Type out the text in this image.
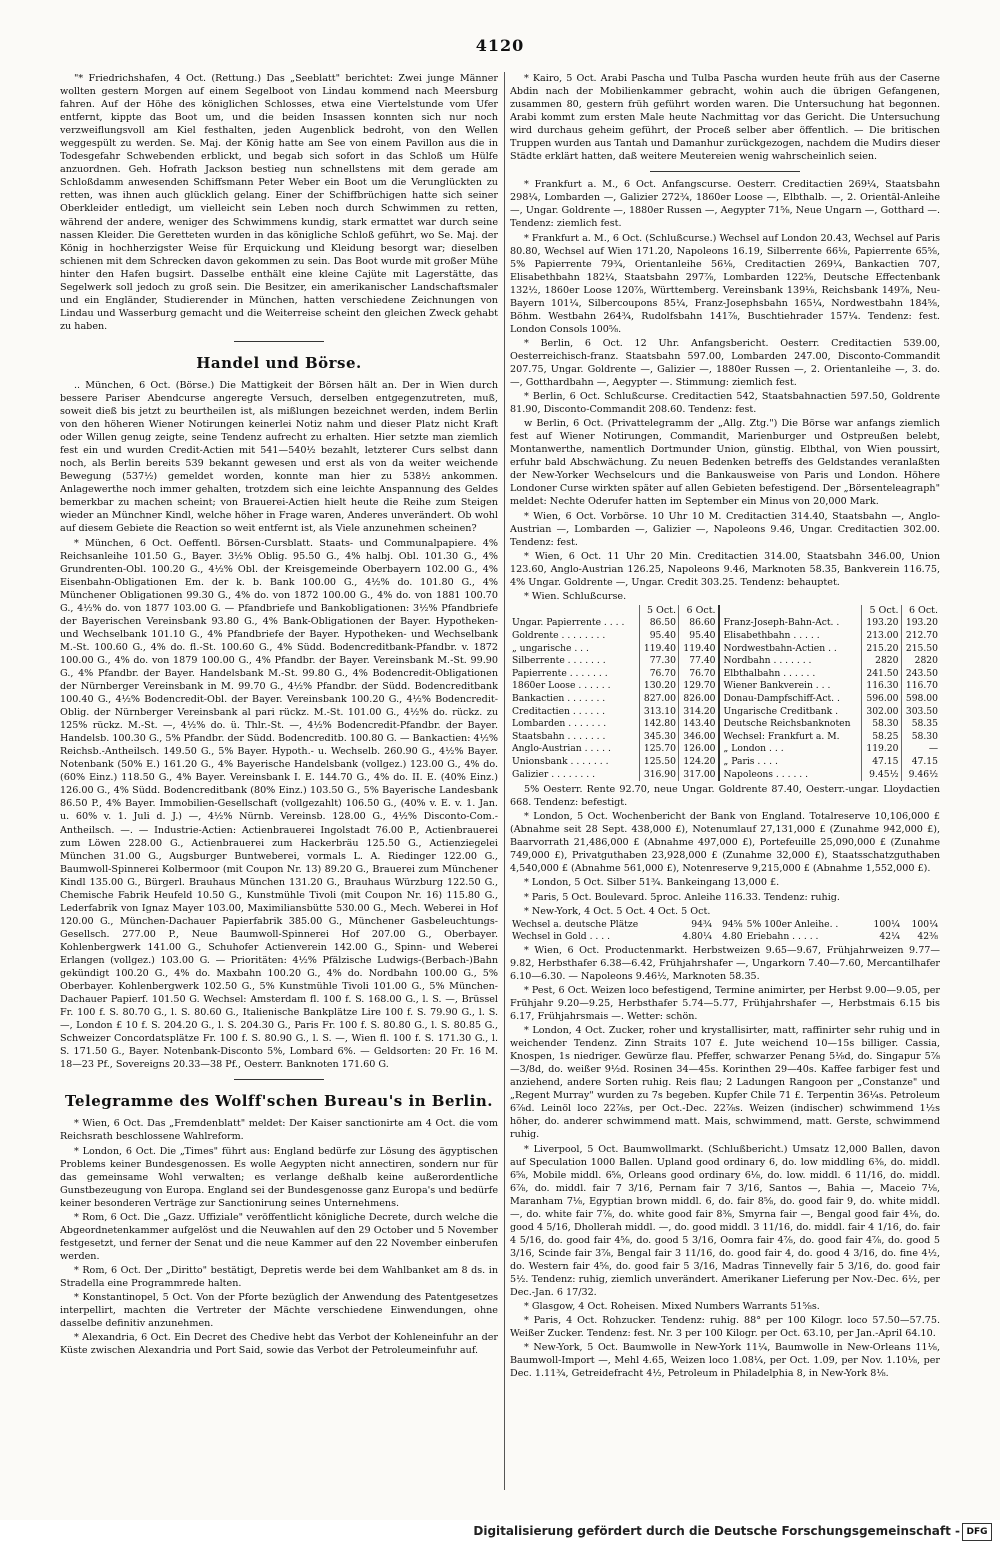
4120

"* Friedrichshafen, 4 Oct. (Rettung.) Das „Seeblatt" berichtet: Zwei junge Männer wollten gestern Morgen auf einem Segelboot von Lindau kommend nach Meersburg fahren. Auf der Höhe des königlichen Schlosses, etwa eine Viertelstunde vom Ufer entfernt, kippte das Boot um, und die beiden Insassen konnten sich nur noch verzweiflungsvoll am Kiel festhalten, jeden Augenblick bedroht, von den Wellen weggespült zu werden. Se. Maj. der König hatte am See von einem Pavillon aus die in Todesgefahr Schwebenden erblickt, und begab sich sofort in das Schloß um Hülfe anzuordnen. Geh. Hofrath Jackson bestieg nun schnellstens mit dem gerade am Schloßdamm anwesenden Schiffsmann Peter Weber ein Boot um die Verunglückten zu retten, was ihnen auch glücklich gelang. Einer der Schiffbrüchigen hatte sich seiner Oberkleider entledigt, um vielleicht sein Leben noch durch Schwimmen zu retten, während der andere, weniger des Schwimmens kundig, stark ermattet war durch seine nassen Kleider. Die Geretteten wurden in das königliche Schloß geführt, wo Se. Maj. der König in hochherzigster Weise für Erquickung und Kleidung besorgt war; dieselben schienen mit dem Schrecken davon gekommen zu sein. Das Boot wurde mit großer Mühe hinter den Hafen bugsirt. Dasselbe enthält eine kleine Cajüte mit Lagerstätte, das Segelwerk soll jedoch zu groß sein. Die Besitzer, ein amerikanischer Landschaftsmaler und ein Engländer, Studierender in München, hatten verschiedene Zeichnungen von Lindau und Wasserburg gemacht und die Weiterreise scheint den gleichen Zweck gehabt zu haben.

Handel und Börse.

.. München, 6 Oct. (Börse.) Die Mattigkeit der Börsen hält an. Der in Wien durch bessere Pariser Abendcurse angeregte Versuch, derselben entgegenzutreten, muß, soweit dieß bis jetzt zu beurtheilen ist, als mißlungen bezeichnet werden, indem Berlin von den höheren Wiener Notirungen keinerlei Notiz nahm und dieser Platz nicht Kraft oder Willen genug zeigte, seine Tendenz aufrecht zu erhalten. Hier setzte man ziemlich fest ein und wurden Credit-Actien mit 541—540½ bezahlt, letzterer Curs selbst dann noch, als Berlin bereits 539 bekannt gewesen und erst als von da weiter weichende Bewegung (537½) gemeldet worden, konnte man hier zu 538½ ankommen. Anlagewerthe noch immer gehalten, trotzdem sich eine leichte Anspannung des Geldes bemerkbar zu machen scheint; von Brauerei-Actien hielt heute die Reihe zum Steigen wieder an Münchner Kindl, welche höher in Frage waren, Anderes unverändert. Ob wohl auf diesem Gebiete die Reaction so weit entfernt ist, als Viele anzunehmen scheinen?

* München, 6 Oct. Oeffentl. Börsen-Cursblatt. Staats- und Communalpapiere. 4% Reichsanleihe 101.50 G., Bayer. 3½% Oblig. 95.50 G., 4% halbj. Obl. 101.30 G., 4% Grundrenten-Obl. 100.20 G., 4½% Obl. der Kreisgemeinde Oberbayern 102.00 G., 4% Eisenbahn-Obligationen Em. der k. b. Bank 100.00 G., 4½% do. 101.80 G., 4% Münchener Obligationen 99.30 G., 4% do. von 1872 100.00 G., 4% do. von 1881 100.70 G., 4½% do. von 1877 103.00 G. — Pfandbriefe und Bankobligationen: 3½% Pfandbriefe der Bayerischen Vereinsbank 93.80 G., 4% Bank-Obligationen der Bayer. Hypotheken- und Wechselbank 101.10 G., 4% Pfandbriefe der Bayer. Hypotheken- und Wechselbank M.-St. 100.60 G., 4% do. fl.-St. 100.60 G., 4% Südd. Bodencreditbank-Pfandbr. v. 1872 100.00 G., 4% do. von 1879 100.00 G., 4% Pfandbr. der Bayer. Vereinsbank M.-St. 99.90 G., 4% Pfandbr. der Bayer. Handelsbank M.-St. 99.80 G., 4% Bodencredit-Obligationen der Nürnberger Vereinsbank in M. 99.70 G., 4½% Pfandbr. der Südd. Bodencreditbank 100.40 G., 4½% Bodencredit-Obl. der Bayer. Vereinsbank 100.20 G., 4½% Bodencredit-Oblig. der Nürnberger Vereinsbank al pari rückz. M.-St. 101.00 G., 4½% do. rückz. zu 125% rückz. M.-St. —, 4½% do. ü. Thlr.-St. —, 4½% Bodencredit-Pfandbr. der Bayer. Handelsb. 100.30 G., 5% Pfandbr. der Südd. Bodencreditb. 100.80 G. — Bankactien: 4½% Reichsb.-Antheilsch. 149.50 G., 5% Bayer. Hypoth.- u. Wechselb. 260.90 G., 4½% Bayer. Notenbank (50% E.) 161.20 G., 4% Bayerische Handelsbank (vollgez.) 123.00 G., 4% do. (60% Einz.) 118.50 G., 4% Bayer. Vereinsbank I. E. 144.70 G., 4% do. II. E. (40% Einz.) 126.00 G., 4% Südd. Bodencreditbank (80% Einz.) 103.50 G., 5% Bayerische Landesbank 86.50 P., 4% Bayer. Immobilien-Gesellschaft (vollgezahlt) 106.50 G., (40% v. E. v. 1. Jan. u. 60% v. 1. Juli d. J.) —, 4½% Nürnb. Vereinsb. 128.00 G., 4½% Disconto-Com.-Antheilsch. —. — Industrie-Actien: Actienbrauerei Ingolstadt 76.00 P., Actienbrauerei zum Löwen 228.00 G., Actienbrauerei zum Hackerbräu 125.50 G., Actienziegelei München 31.00 G., Augsburger Buntweberei, vormals L. A. Riedinger 122.00 G., Baumwoll-Spinnerei Kolbermoor (mit Coupon Nr. 13) 89.20 G., Brauerei zum Münchener Kindl 135.00 G., Bürgerl. Brauhaus München 131.20 G., Brauhaus Würzburg 122.50 G., Chemische Fabrik Heufeld 10.50 G., Kunstmühle Tivoli (mit Coupon Nr. 16) 115.80 G., Lederfabrik von Ignaz Mayer 103.00, Maximiliansbütte 530.00 G., Mech. Weberei in Hof 120.00 G., München-Dachauer Papierfabrik 385.00 G., Münchener Gasbeleuchtungs-Gesellsch. 277.00 P., Neue Baumwoll-Spinnerei Hof 207.00 G., Oberbayer. Kohlenbergwerk 141.00 G., Schuhofer Actienverein 142.00 G., Spinn- und Weberei Erlangen (vollgez.) 103.00 G. — Prioritäten: 4½% Pfälzische Ludwigs-(Berbach-)Bahn gekündigt 100.20 G., 4% do. Maxbahn 100.20 G., 4% do. Nordbahn 100.00 G., 5% Oberbayer. Kohlenbergwerk 102.50 G., 5% Kunstmühle Tivoli 101.00 G., 5% München-Dachauer Papierf. 101.50 G. Wechsel: Amsterdam fl. 100 f. S. 168.00 G., l. S. —, Brüssel Fr. 100 f. S. 80.70 G., l. S. 80.60 G., Italienische Bankplätze Lire 100 f. S. 79.90 G., l. S. —, London £ 10 f. S. 204.20 G., l. S. 204.30 G., Paris Fr. 100 f. S. 80.80 G., l. S. 80.85 G., Schweizer Concordatsplätze Fr. 100 f. S. 80.90 G., l. S. —, Wien fl. 100 f. S. 171.30 G., l. S. 171.50 G., Bayer. Notenbank-Disconto 5%, Lombard 6%. — Geldsorten: 20 Fr. 16 M. 18—23 Pf., Sovereigns 20.33—38 Pf., Oesterr. Banknoten 171.60 G.

Telegramme des Wolff'schen Bureau's in Berlin.

* Wien, 6 Oct. Das „Fremdenblatt" meldet: Der Kaiser sanctionirte am 4 Oct. die vom Reichsrath beschlossene Wahlreform.

* London, 6 Oct. Die „Times" führt aus: England bedürfe zur Lösung des ägyptischen Problems keiner Bundesgenossen. Es wolle Aegypten nicht annectiren, sondern nur für das gemeinsame Wohl verwalten; es verlange deßhalb keine außerordentliche Gunstbezeugung von Europa. England sei der Bundesgenosse ganz Europa's und bedürfe keiner besonderen Verträge zur Sanctionirung seines Unternehmens.

* Rom, 6 Oct. Die „Gazz. Uffiziale" veröffentlicht königliche Decrete, durch welche die Abgeordnetenkammer aufgelöst und die Neuwahlen auf den 29 October und 5 November festgesetzt, und ferner der Senat und die neue Kammer auf den 22 November einberufen werden.

* Rom, 6 Oct. Der „Diritto" bestätigt, Depretis werde bei dem Wahlbanket am 8 ds. in Stradella eine Programmrede halten.

* Konstantinopel, 5 Oct. Von der Pforte bezüglich der Anwendung des Patentgesetzes interpellirt, machten die Vertreter der Mächte verschiedene Einwendungen, ohne dasselbe definitiv anzunehmen.

* Alexandria, 6 Oct. Ein Decret des Chedive hebt das Verbot der Kohleneinfuhr an der Küste zwischen Alexandria und Port Said, sowie das Verbot der Petroleumeinfuhr auf.

* Kairo, 5 Oct. Arabi Pascha und Tulba Pascha wurden heute früh aus der Caserne Abdin nach der Mobilienkammer gebracht, wohin auch die übrigen Gefangenen, zusammen 80, gestern früh geführt worden waren. Die Untersuchung hat begonnen. Arabi kommt zum ersten Male heute Nachmittag vor das Gericht. Die Untersuchung wird durchaus geheim geführt, der Proceß selber aber öffentlich. — Die britischen Truppen wurden aus Tantah und Damanhur zurückgezogen, nachdem die Mudirs dieser Städte erklärt hatten, daß weitere Meutereien wenig wahrscheinlich seien.

* Frankfurt a. M., 6 Oct. Anfangscurse. Oesterr. Creditactien 269¼, Staatsbahn 298¼, Lombarden —, Galizier 272¾, 1860er Loose —, Elbthalb. —, 2. Orientāl-Anleihe —, Ungar. Goldrente —, 1880er Russen —, Aegypter 71⅝, Neue Ungarn —, Gotthard —. Tendenz: ziemlich fest.

* Frankfurt a. M., 6 Oct. (Schlußcurse.) Wechsel auf London 20.43, Wechsel auf Paris 80.80, Wechsel auf Wien 171.20, Napoleons 16.19, Silberrente 66⅛, Papierrente 65⅝, 5% Papierrente 79¾, Orientanleihe 56⅛, Creditactien 269¼, Bankactien 707, Elisabethbahn 182¼, Staatsbahn 297⅞, Lombarden 122⅝, Deutsche Effectenbank 132½, 1860er Loose 120⅞, Württemberg. Vereinsbank 139⅛, Reichsbank 149⅞, Neu-Bayern 101¼, Silbercoupons 85¼, Franz-Josephsbahn 165¼, Nordwestbahn 184⅝, Böhm. Westbahn 264¾, Rudolfsbahn 141⅞, Buschtiehrader 157¼. Tendenz: fest. London Consols 100⅝.

* Berlin, 6 Oct. 12 Uhr. Anfangsbericht. Oesterr. Creditactien 539.00, Oesterreichisch-franz. Staatsbahn 597.00, Lombarden 247.00, Disconto-Commandit 207.75, Ungar. Goldrente —, Galizier —, 1880er Russen —, 2. Orientanleihe —, 3. do. —, Gotthardbahn —, Aegypter —. Stimmung: ziemlich fest.

* Berlin, 6 Oct. Schlußcurse. Creditactien 542, Staatsbahnactien 597.50, Goldrente 81.90, Disconto-Commandit 208.60. Tendenz: fest.

w Berlin, 6 Oct. (Privattelegramm der „Allg. Ztg.") Die Börse war anfangs ziemlich fest auf Wiener Notirungen, Commandit, Marienburger und Ostpreußen belebt, Montanwerthe, namentlich Dortmunder Union, günstig. Elbthal, von Wien poussirt, erfuhr bald Abschwächung. Zu neuen Bedenken betreffs des Geldstandes veranlaßten der New-Yorker Wechselcurs und die Bankausweise von Paris und London. Höhere Londoner Curse wirkten später auf allen Gebieten befestigend. Der „Börsenteleagraph" meldet: Nechte Oderufer hatten im September ein Minus von 20,000 Mark.

* Wien, 6 Oct. Vorbörse. 10 Uhr 10 M. Creditactien 314.40, Staatsbahn —, Anglo-Austrian —, Lombarden —, Galizier —, Napoleons 9.46, Ungar. Creditactien 302.00. Tendenz: fest.

* Wien, 6 Oct. 11 Uhr 20 Min. Creditactien 314.00, Staatsbahn 346.00, Union 123.60, Anglo-Austrian 126.25, Napoleons 9.46, Marknoten 58.35, Bankverein 116.75, 4% Ungar. Goldrente —, Ungar. Credit 303.25. Tendenz: behauptet.

* Wien. Schlußcurse.

	5 Oct.	6 Oct.		5 Oct.	6 Oct.
Ungar. Papierrente . . . .	86.50	86.60	Franz-Joseph-Bahn-Act. .	193.20	193.20
Goldrente . . . . . . . .	95.40	95.40	Elisabethbahn . . . . .	213.00	212.70
„ ungarische . . .	119.40	119.40	Nordwestbahn-Actien . .	215.20	215.50
Silberrente . . . . . . .	77.30	77.40	Nordbahn . . . . . . .	2820	2820
Papierrente . . . . . . .	76.70	76.70	Elbthalbahn . . . . . .	241.50	243.50
1860er Loose . . . . . .	130.20	129.70	Wiener Bankverein . . .	116.30	116.70
Bankactien . . . . . . .	827.00	826.00	Donau-Dampfschiff-Act. .	596.00	598.00
Creditactien . . . . . .	313.10	314.20	Ungarische Creditbank .	302.00	303.50
Lombarden . . . . . . .	142.80	143.40	Deutsche Reichsbanknoten	58.30	58.35
Staatsbahn . . . . . . .	345.30	346.00	Wechsel: Frankfurt a. M.	58.25	58.30
Anglo-Austrian . . . . .	125.70	126.00	„ London . . .	119.20	—
Unionsbank . . . . . . .	125.50	124.20	„ Paris . . . .	47.15	47.15
Galizier . . . . . . . .	316.90	317.00	Napoleons . . . . . .	9.45½	9.46½

5% Oesterr. Rente 92.70, neue Ungar. Goldrente 87.40, Oesterr.-ungar. Lloydactien 668. Tendenz: befestigt.

* London, 5 Oct. Wochenbericht der Bank von England. Totalreserve 10,106,000 £ (Abnahme seit 28 Sept. 438,000 £), Notenumlauf 27,131,000 £ (Zunahme 942,000 £), Baarvorrath 21,486,000 £ (Abnahme 497,000 £), Portefeuille 25,090,000 £ (Zunahme 749,000 £), Privatguthaben 23,928,000 £ (Zunahme 32,000 £), Staatsschatzguthaben 4,540,000 £ (Abnahme 561,000 £), Notenreserve 9,215,000 £ (Abnahme 1,552,000 £).

* London, 5 Oct. Silber 51¾. Bankeingang 13,000 £.

* Paris, 5 Oct. Boulevard. 5proc. Anleihe 116.33. Tendenz: ruhig.

* New-York, 4 Oct. 5 Oct. 4 Oct. 5 Oct.

Wechsel a. deutsche Plätze	94¾	94⅝	5% 100er Anleihe. .	100¼	100¼
Wechsel in Gold . . . .	4.80¼	4.80	Eriebahn . . . . .	42¼	42⅜

* Wien, 6 Oct. Productenmarkt. Herbstweizen 9.65—9.67, Frühjahrweizen 9.77—9.82, Herbsthafer 6.38—6.42, Frühjahrshafer —, Ungarkorn 7.40—7.60, Mercantilhafer 6.10—6.30. — Napoleons 9.46½, Marknoten 58.35.

* Pest, 6 Oct. Weizen loco befestigend, Termine animirter, per Herbst 9.00—9.05, per Frühjahr 9.20—9.25, Herbsthafer 5.74—5.77, Frühjahrshafer —, Herbstmais 6.15 bis 6.17, Frühjahrsmais —. Wetter: schön.

* London, 4 Oct. Zucker, roher und krystallisirter, matt, raffinirter sehr ruhig und in weichender Tendenz. Zinn Straits 107 £. Jute weichend 10—15s billiger. Cassia, Knospen, 1s niedriger. Gewürze flau. Pfeffer, schwarzer Penang 5⅛d, do. Singapur 5⅞—3/8d, do. weißer 9½d. Rosinen 34—45s. Korinthen 29—40s. Kaffee farbiger fest und anziehend, andere Sorten ruhig. Reis flau; 2 Ladungen Rangoon per „Constanze" und „Regent Murray" wurden zu 7s begeben. Kupfer Chile 71 £. Terpentin 36¼s. Petroleum 6⅞d. Leinöl loco 22⅞s, per Oct.-Dec. 22⅞s. Weizen (indischer) schwimmend 1½s höher, do. anderer schwimmend matt. Mais, schwimmend, matt. Gerste, schwimmend ruhig.

* Liverpool, 5 Oct. Baumwollmarkt. (Schlußbericht.) Umsatz 12,000 Ballen, davon auf Speculation 1000 Ballen. Upland good ordinary 6, do. low middling 6⅜, do. middl. 6⅝, Mobile middl. 6⅝, Orleans good ordinary 6⅛, do. low. middl. 6 11/16, do. middl. 6⅞, do. middl. fair 7 3/16, Pernam fair 7 3/16, Santos —, Bahia —, Maceio 7⅛, Maranham 7⅛, Egyptian brown middl. 6, do. fair 8⅝, do. good fair 9, do. white middl. —, do. white fair 7⅞, do. white good fair 8⅜, Smyrna fair —, Bengal good fair 4⅛, do. good 4 5/16, Dhollerah middl. —, do. good middl. 3 11/16, do. middl. fair 4 1/16, do. fair 4 5/16, do. good fair 4⅝, do. good 5 3/16, Oomra fair 4⅞, do. good fair 4⅞, do. good 5 3/16, Scinde fair 3⅞, Bengal fair 3 11/16, do. good fair 4, do. good 4 3/16, do. fine 4½, do. Western fair 4⅝, do. good fair 5 3/16, Madras Tinnevelly fair 5 3/16, do. good fair 5½. Tendenz: ruhig, ziemlich unverändert. Amerikaner Lieferung per Nov.-Dec. 6½, per Dec.-Jan. 6 17/32.

* Glasgow, 4 Oct. Roheisen. Mixed Numbers Warrants 51⅝s.

* Paris, 4 Oct. Rohzucker. Tendenz: ruhig. 88° per 100 Kilogr. loco 57.50—57.75. Weißer Zucker. Tendenz: fest. Nr. 3 per 100 Kilogr. per Oct. 63.10, per Jan.-April 64.10.

* New-York, 5 Oct. Baumwolle in New-York 11¼, Baumwolle in New-Orleans 11⅛, Baumwoll-Import —, Mehl 4.65, Weizen loco 1.08¼, per Oct. 1.09, per Nov. 1.10⅛, per Dec. 1.11¾, Getreidefracht 4½, Petroleum in Philadelphia 8, in New-York 8⅛.

Digitalisierung gefördert durch die Deutsche Forschungsgemeinschaft - DFG
